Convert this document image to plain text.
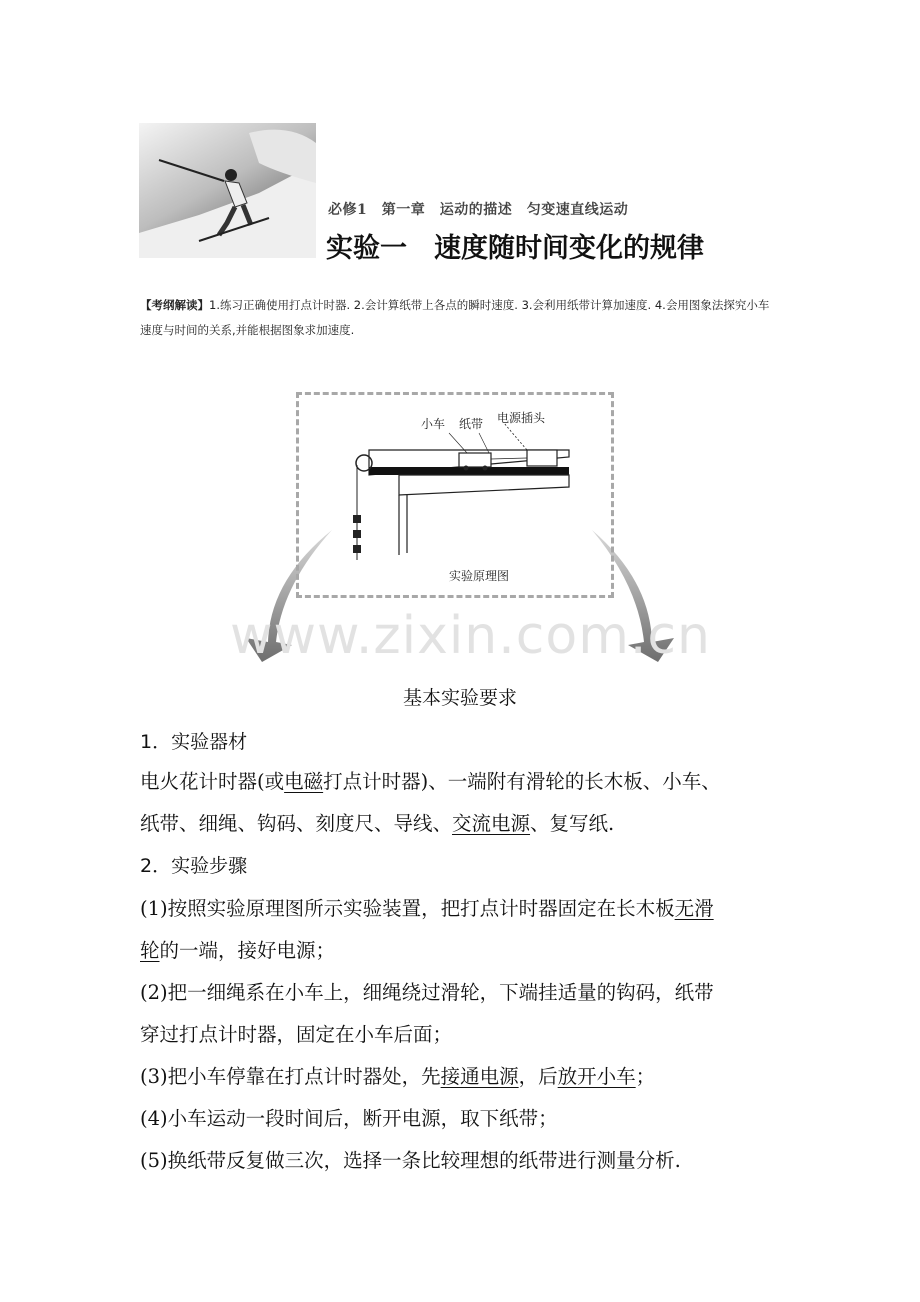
必修1　第一章　运动的描述　匀变速直线运动
实验一　速度随时间变化的规律
【考纲解读】1.练习正确使用打点计时器. 2.会计算纸带上各点的瞬时速度. 3.会利用纸带计算加速度. 4.会用图象法探究小车
速度与时间的关系,并能根据图象求加速度.
小车 纸带 电源插头
实验原理图
www.zixin.com.cn
基本实验要求
1．实验器材
电火花计时器(或电磁打点计时器)、一端附有滑轮的长木板、小车、
纸带、细绳、钩码、刻度尺、导线、交流电源、复写纸.
2．实验步骤
(1)按照实验原理图所示实验装置，把打点计时器固定在长木板无滑
轮的一端，接好电源；
(2)把一细绳系在小车上，细绳绕过滑轮，下端挂适量的钩码，纸带
穿过打点计时器，固定在小车后面；
(3)把小车停靠在打点计时器处，先接通电源，后放开小车；
(4)小车运动一段时间后，断开电源，取下纸带；
(5)换纸带反复做三次，选择一条比较理想的纸带进行测量分析.
